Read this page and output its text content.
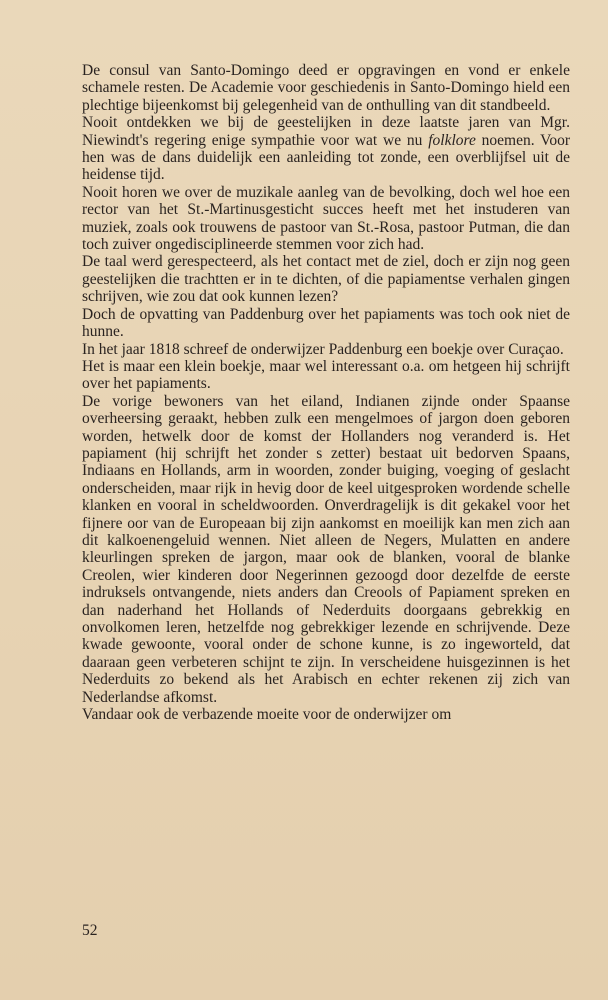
De consul van Santo-Domingo deed er opgravingen en vond er enkele schamele resten. De Academie voor geschiedenis in Santo-Domingo hield een plechtige bijeenkomst bij gelegenheid van de onthulling van dit standbeeld.

Nooit ontdekken we bij de geestelijken in deze laatste jaren van Mgr. Niewindt's regering enige sympathie voor wat we nu folklore noemen. Voor hen was de dans duidelijk een aanleiding tot zonde, een overblijfsel uit de heidense tijd.

Nooit horen we over de muzikale aanleg van de bevolking, doch wel hoe een rector van het St.-Martinusgesticht succes heeft met het instuderen van muziek, zoals ook trouwens de pastoor van St.-Rosa, pastoor Putman, die dan toch zuiver ongedisciplineerde stemmen voor zich had.

De taal werd gerespecteerd, als het contact met de ziel, doch er zijn nog geen geestelijken die trachtten er in te dichten, of die papiamentse verhalen gingen schrijven, wie zou dat ook kunnen lezen?

Doch de opvatting van Paddenburg over het papiaments was toch ook niet de hunne.

In het jaar 1818 schreef de onderwijzer Paddenburg een boekje over Curaçao.

Het is maar een klein boekje, maar wel interessant o.a. om hetgeen hij schrijft over het papiaments.

De vorige bewoners van het eiland, Indianen zijnde onder Spaanse overheersing geraakt, hebben zulk een mengelmoes of jargon doen geboren worden, hetwelk door de komst der Hollanders nog veranderd is. Het papiament (hij schrijft het zonder s zetter) bestaat uit bedorven Spaans, Indiaans en Hollands, arm in woorden, zonder buiging, voeging of geslacht onderscheiden, maar rijk in hevig door de keel uitgesproken wordende schelle klanken en vooral in scheldwoorden. Onverdragelijk is dit gekakel voor het fijnere oor van de Europeaan bij zijn aankomst en moeilijk kan men zich aan dit kalkoenengeluid wennen. Niet alleen de Negers, Mulatten en andere kleurlingen spreken de jargon, maar ook de blanken, vooral de blanke Creolen, wier kinderen door Negerinnen gezoogd door dezelfde de eerste indruksels ontvangende, niets anders dan Creools of Papiament spreken en dan naderhand het Hollands of Nederduits doorgaans gebrekkig en onvolkomen leren, hetzelfde nog gebrekkiger lezende en schrijvende. Deze kwade gewoonte, vooral onder de schone kunne, is zo ingeworteld, dat daaraan geen verbeteren schijnt te zijn. In verscheidene huisgezinnen is het Nederduits zo bekend als het Arabisch en echter rekenen zij zich van Nederlandse afkomst.

Vandaar ook de verbazende moeite voor de onderwijzer om

52
